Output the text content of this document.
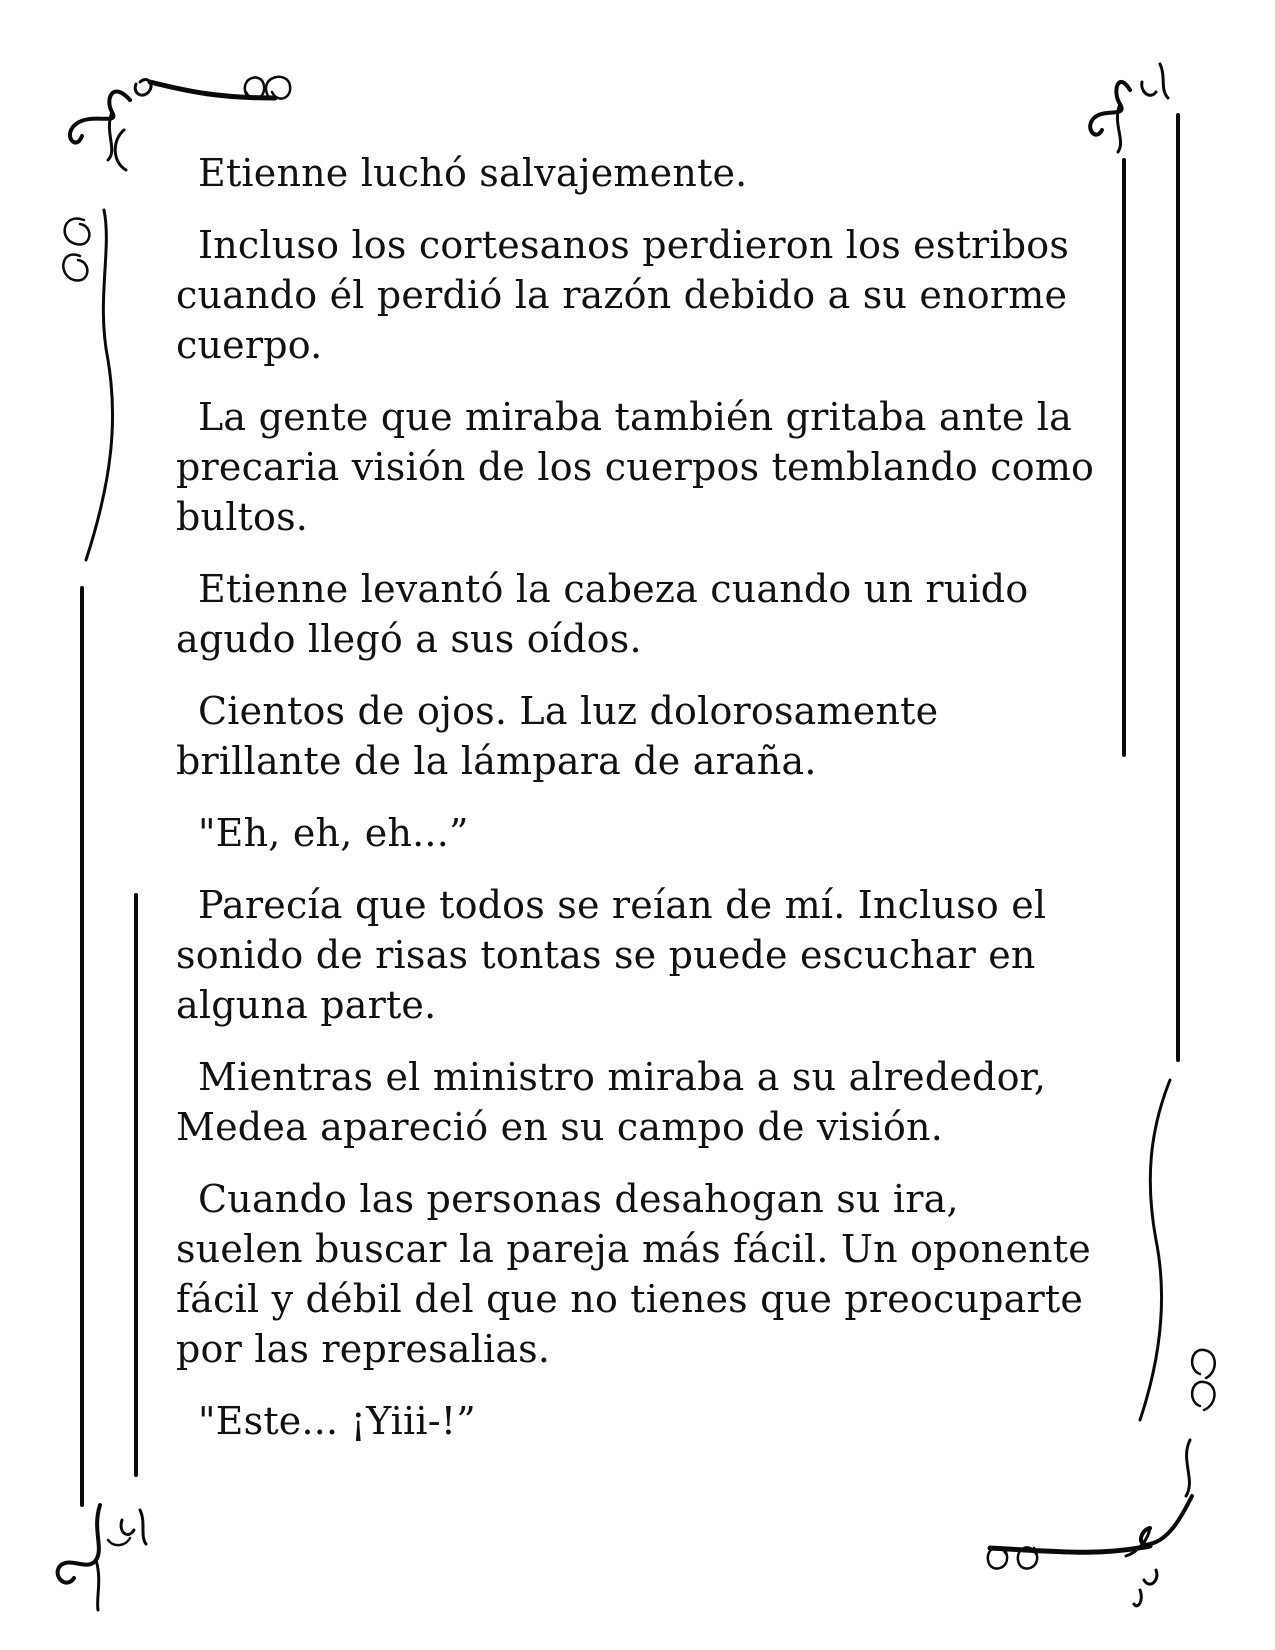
Etienne luchó salvajemente.

Incluso los cortesanos perdieron los estribos cuando él perdió la razón debido a su enorme cuerpo.

La gente que miraba también gritaba ante la precaria visión de los cuerpos temblando como bultos.

Etienne levantó la cabeza cuando un ruido agudo llegó a sus oídos.

Cientos de ojos. La luz dolorosamente brillante de la lámpara de araña.

"Eh, eh, eh...”

Parecía que todos se reían de mí. Incluso el sonido de risas tontas se puede escuchar en alguna parte.

Mientras el ministro miraba a su alrededor, Medea apareció en su campo de visión.

Cuando las personas desahogan su ira, suelen buscar la pareja más fácil. Un oponente fácil y débil del que no tienes que preocuparte por las represalias.

"Este... ¡Yiii-!”
